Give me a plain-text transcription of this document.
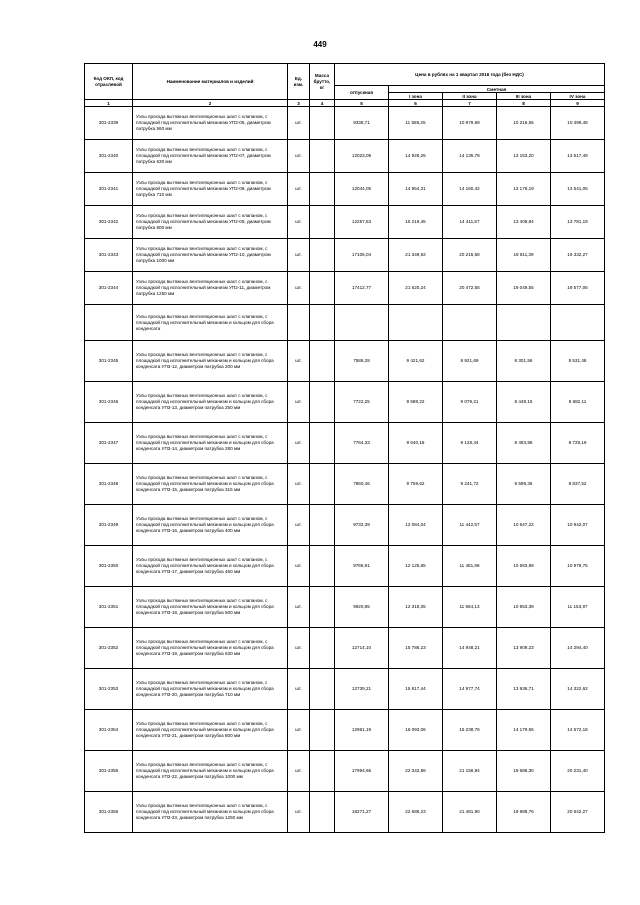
449
Код ОКП, код отраслевой	Наименование материалов и изделий	Ед. изм.	Масса брутто, кг	Цена в рублях на 1 квартал 2016 года (без НДС)				
				отпускная	Сметная			
					I зона	II зона	III зона	IV зона
1	2	3	4	5	6	7	8	9
301-2339	Узлы прохода вытяжных вентиляционных шахт с клапаном, с площадкой под исполнительный механизм УП2-06, диаметром патрубка 560 мм	шт.		9338,71	11 586,25	10 979,69	10 216,55	10 499,48
301-2340	Узлы прохода вытяжных вентиляционных шахт с клапаном, с площадкой под исполнительный механизм УП2-07, диаметром патрубка 630 мм	шт.		12023,09	14 928,25	14 135,78	13 153,20	13 517,49
301-2341	Узлы прохода вытяжных вентиляционных шахт с клапаном, с площадкой под исполнительный механизм УП2-08, диаметром патрубка 710 мм	шт.		12044,05	14 954,31	14 160,42	13 176,19	13 541,06
301-2342	Узлы прохода вытяжных вентиляционных шахт с клапаном, с площадкой под исполнительный механизм УП2-09, диаметром патрубка 800 мм	шт.		12257,63	15 219,45	14 411,57	13 409,84	13 781,19
301-2343	Узлы прохода вытяжных вентиляционных шахт с клапаном, с площадкой под исполнительный механизм УП2-10, диаметром патрубка 1000 мм	шт.		17105,04	21 349,92	20 215,58	18 811,39	19 332,27
301-2344	Узлы прохода вытяжных вентиляционных шахт с клапаном, с площадкой под исполнительный механизм УП2-11, диаметром патрубка 1250 мм	шт.		17412,77	21 620,24	20 472,55	19 049,55	19 577,06
	Узлы прохода вытяжных вентиляционных шахт с клапаном, с площадкой под исполнительный механизм и кольцом для сбора конденсата							
301-2345	Узлы прохода вытяжных вентиляционных шахт с клапаном, с площадкой под исполнительный механизм и кольцом для сбора конденсата УП3-12, диаметром патрубка 200 мм	шт.		7588,28	9 421,62	8 921,69	8 301,56	8 531,48
301-2346	Узлы прохода вытяжных вентиляционных шахт с клапаном, с площадкой под исполнительный механизм и кольцом для сбора конденсата УП3-13, диаметром патрубка 250 мм	шт.		7722,25	9 588,22	9 079,21	8 448,15	8 682,11
301-2347	Узлы прохода вытяжных вентиляционных шахт с клапаном, с площадкой под исполнительный механизм и кольцом для сбора конденсата УП3-14, диаметром патрубка 280 мм	шт.		7764,33	9 640,18	9 128,44	8 493,96	8 729,19
301-2348	Узлы прохода вытяжных вентиляционных шахт с клапаном, с площадкой под исполнительный механизм и кольцом для сбора конденсата УП3-15, диаметром патрубка 315 мм	шт.		7860,46	9 759,62	9 241,72	8 599,36	8 837,52
301-2349	Узлы прохода вытяжных вентиляционных шахт с клапаном, с площадкой под исполнительный механизм и кольцом для сбора конденсата УП3-16, диаметром патрубка 400 мм	шт.		9732,39	12 084,04	11 442,57	10 647,22	10 942,07
301-2350	Узлы прохода вытяжных вентиляционных шахт с клапаном, с площадкой под исполнительный механизм и кольцом для сбора конденсата УП3-17, диаметром патрубка 450 мм	шт.		9765,91	12 125,65	11 481,98	10 683,89	10 979,75
301-2351	Узлы прохода вытяжных вентиляционных шахт с клапаном, с площадкой под исполнительный механизм и кольцом для сбора конденсата УП3-18, диаметром патрубка 500 мм	шт.		9920,85	12 318,05	11 664,13	10 853,39	11 153,97
301-2352	Узлы прохода вытяжных вентиляционных шахт с клапаном, с площадкой под исполнительный механизм и кольцом для сбора конденсата УП3-19, диаметром патрубка 630 мм	шт.		12714,10	15 786,23	14 948,21	13 909,23	14 294,40
301-2353	Узлы прохода вытяжных вентиляционных шахт с клапаном, с площадкой под исполнительный механизм и кольцом для сбора конденсата УП3-20, диаметром патрубка 710 мм	шт.		12739,21	15 817,44	14 977,74	13 936,71	14 322,62
301-2354	Узлы прохода вытяжных вентиляционных шахт с клапаном, с площадкой под исполнительный механизм и кольцом для сбора конденсата УП3-21, диаметром патрубка 800 мм	шт.		12961,19	16 093,06	15 238,76	14 179,55	14 572,18
301-2355	Узлы прохода вытяжных вентиляционных шахт с клапаном, с площадкой под исполнительный механизм и кольцом для сбора конденсата УП3-22, диаметром патрубка 1000 мм	шт.		17994,66	22 342,98	21 156,94	19 686,30	20 231,40
301-2356	Узлы прохода вытяжных вентиляционных шахт с клапаном, с площадкой под исполнительный механизм и кольцом для сбора конденсата УП3-23, диаметром патрубка 1250 мм	шт.		18271,27	22 686,23	21 481,90	19 988,76	20 542,27
